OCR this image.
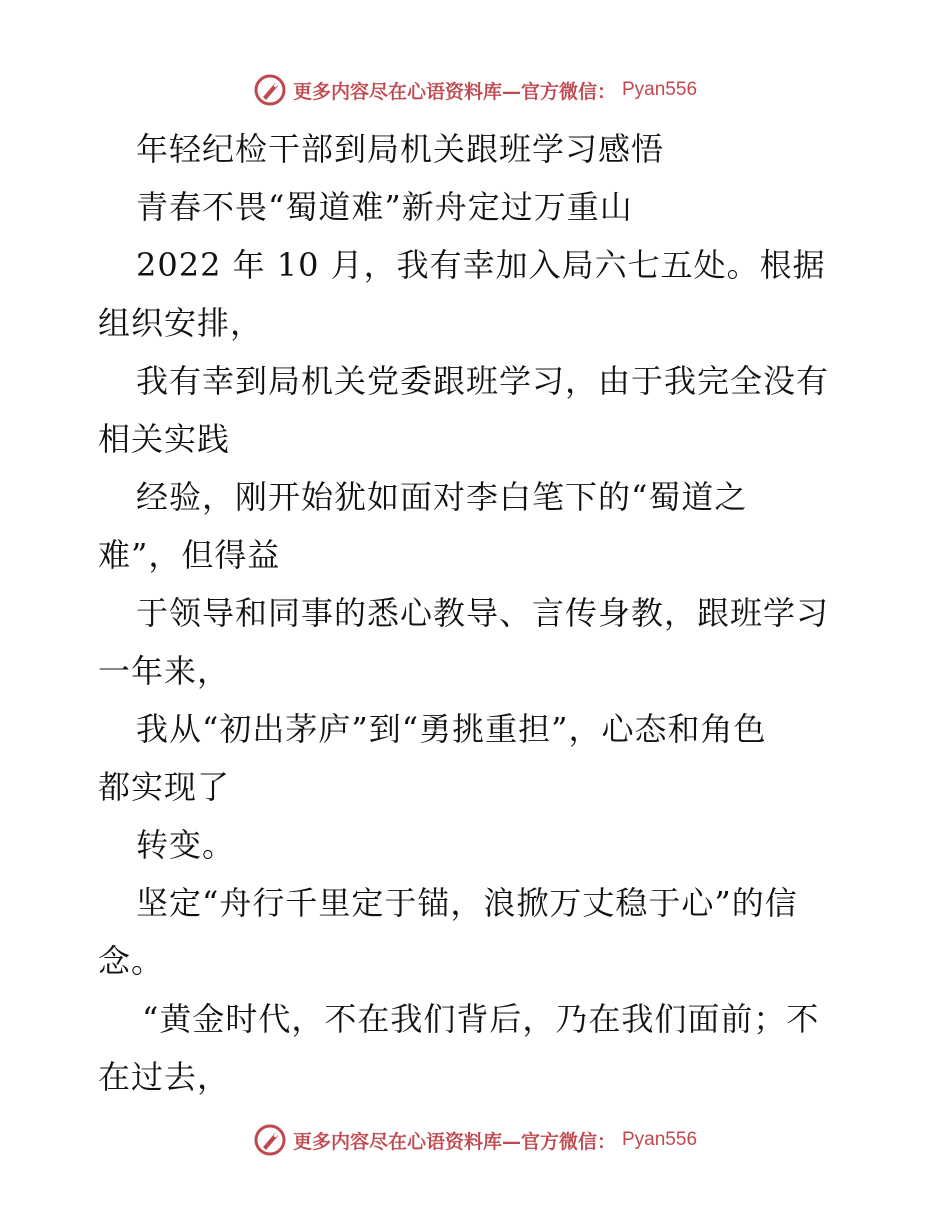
更多内容尽在心语资料库—官方微信： Pyan556
年轻纪检干部到局机关跟班学习感悟
青春不畏“蜀道难”新舟定过万重山
2022 年 10 月，我有幸加入局六七五处。根据
组织安排，
我有幸到局机关党委跟班学习，由于我完全没有
相关实践
经验，刚开始犹如面对李白笔下的“蜀道之
难”，但得益
于领导和同事的悉心教导、言传身教，跟班学习
一年来，
我从“初出茅庐”到“勇挑重担”，心态和角色
都实现了
转变。
坚定“舟行千里定于锚，浪掀万丈稳于心”的信
念。
“黄金时代，不在我们背后，乃在我们面前；不
在过去，
更多内容尽在心语资料库—官方微信： Pyan556
